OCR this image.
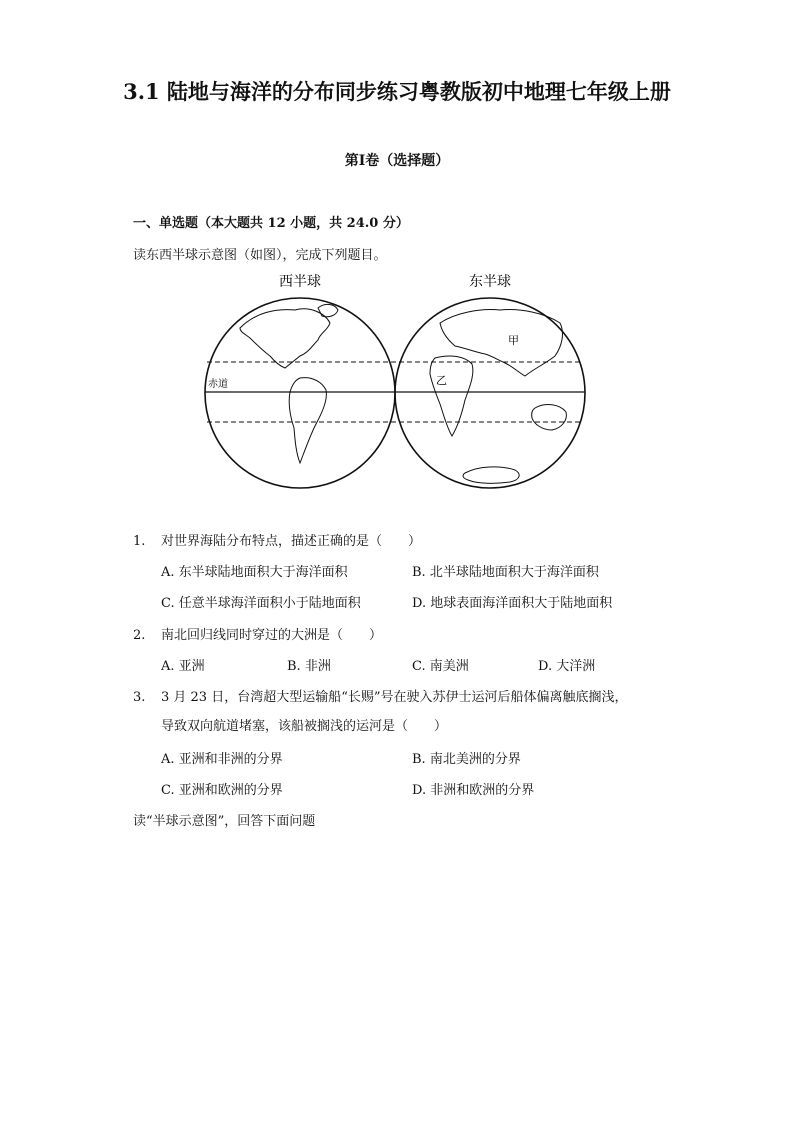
3.1 陆地与海洋的分布同步练习粤教版初中地理七年级上册
第I卷（选择题）
一、单选题（本大题共 12 小题，共 24.0 分）
读东西半球示意图（如图），完成下列题目。
西半球	东半球
赤道
甲
乙
1. 对世界海陆分布特点，描述正确的是（　　）
A. 东半球陆地面积大于海洋面积	B. 北半球陆地面积大于海洋面积
C. 任意半球海洋面积小于陆地面积	D. 地球表面海洋面积大于陆地面积
2. 南北回归线同时穿过的大洲是（　　）
A. 亚洲	B. 非洲	C. 南美洲	D. 大洋洲
3. 3 月 23 日，台湾超大型运输船“长赐”号在驶入苏伊士运河后船体偏离触底搁浅，
导致双向航道堵塞，该船被搁浅的运河是（　　）
A. 亚洲和非洲的分界	B. 南北美洲的分界
C. 亚洲和欧洲的分界	D. 非洲和欧洲的分界
读“半球示意图”，回答下面问题
